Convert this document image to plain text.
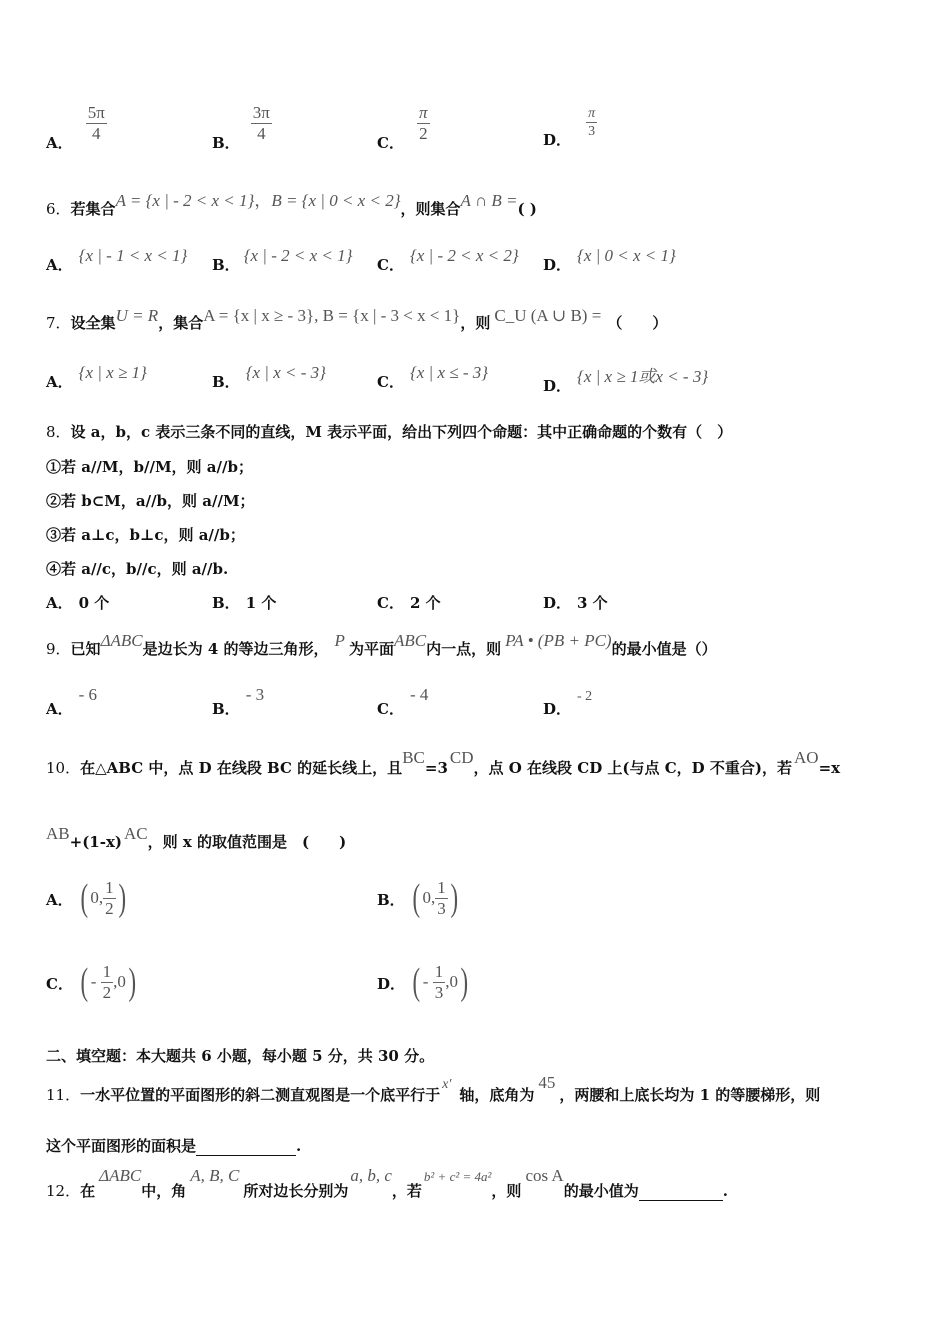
A． $\frac{5\pi}{4}$	B． $\frac{3\pi}{4}$	C． $\frac{\pi}{2}$	D．
$\frac{\pi}{3}$
6．若集合A = {x | - 2 < x < 1}，B = {x | 0 < x < 2}，则集合A ∩ B =( )
A． {x | - 1 < x < 1} B． {x | - 2 < x < 1} C． {x | - 2 < x < 2} D． {x | 0 < x < 1}
7．设全集U = R，集合A = {x | x ≥ - 3}, B = {x | - 3 < x < 1}，则 C_U (A ∪ B) = （　　）
A． {x | x ≥ 1}	B． {x | x < - 3}	C． {x | x ≤ - 3}
D． {x | x ≥ 1或x < - 3}
8．设 a，b，c 表示三条不同的直线，M 表示平面，给出下列四个命题：其中正确命题的个数有（　）
①若 a//M，b//M，则 a//b；
②若 b⊂M，a//b，则 a//M；
③若 a⊥c，b⊥c，则 a//b；
④若 a//c，b//c，则 a//b.
A． 0 个	B． 1 个	C． 2 个	D． 3 个
9．已知ΔABC是边长为 4 的等边三角形， P 为平面ABC内一点，则 PA • (PB + PC)的最小值是（）
A．- 6
B．- 3
C．- 4
D．- 2
10．在△ABC 中，点 D 在线段 BC 的延长线上，且BC=3CD，点 O 在线段 CD 上(与点 C，D 不重合)，若AO=x
AB+(1-x) AC，则 x 的取值范围是　(　　)
A． ( 0, $\frac{1}{2}$ )	B． ( 0, $\frac{1}{3}$ )
C． ( - $\frac{1}{2} ,0$)	D． ( - $\frac{1}{3} ,0$)
二、填空题：本大题共 6 小题，每小题 5 分，共 30 分。
11．一水平位置的平面图形的斜二测直观图是一个底平行于x′轴，底角为45，两腰和上底长均为 1 的等腰梯形，则
这个平面图形的面积是	.
12．在ΔABC中，角A, B, C所对边长分别为a, b, c，若b² + c² = 4a²，则cos A的最小值为	.
